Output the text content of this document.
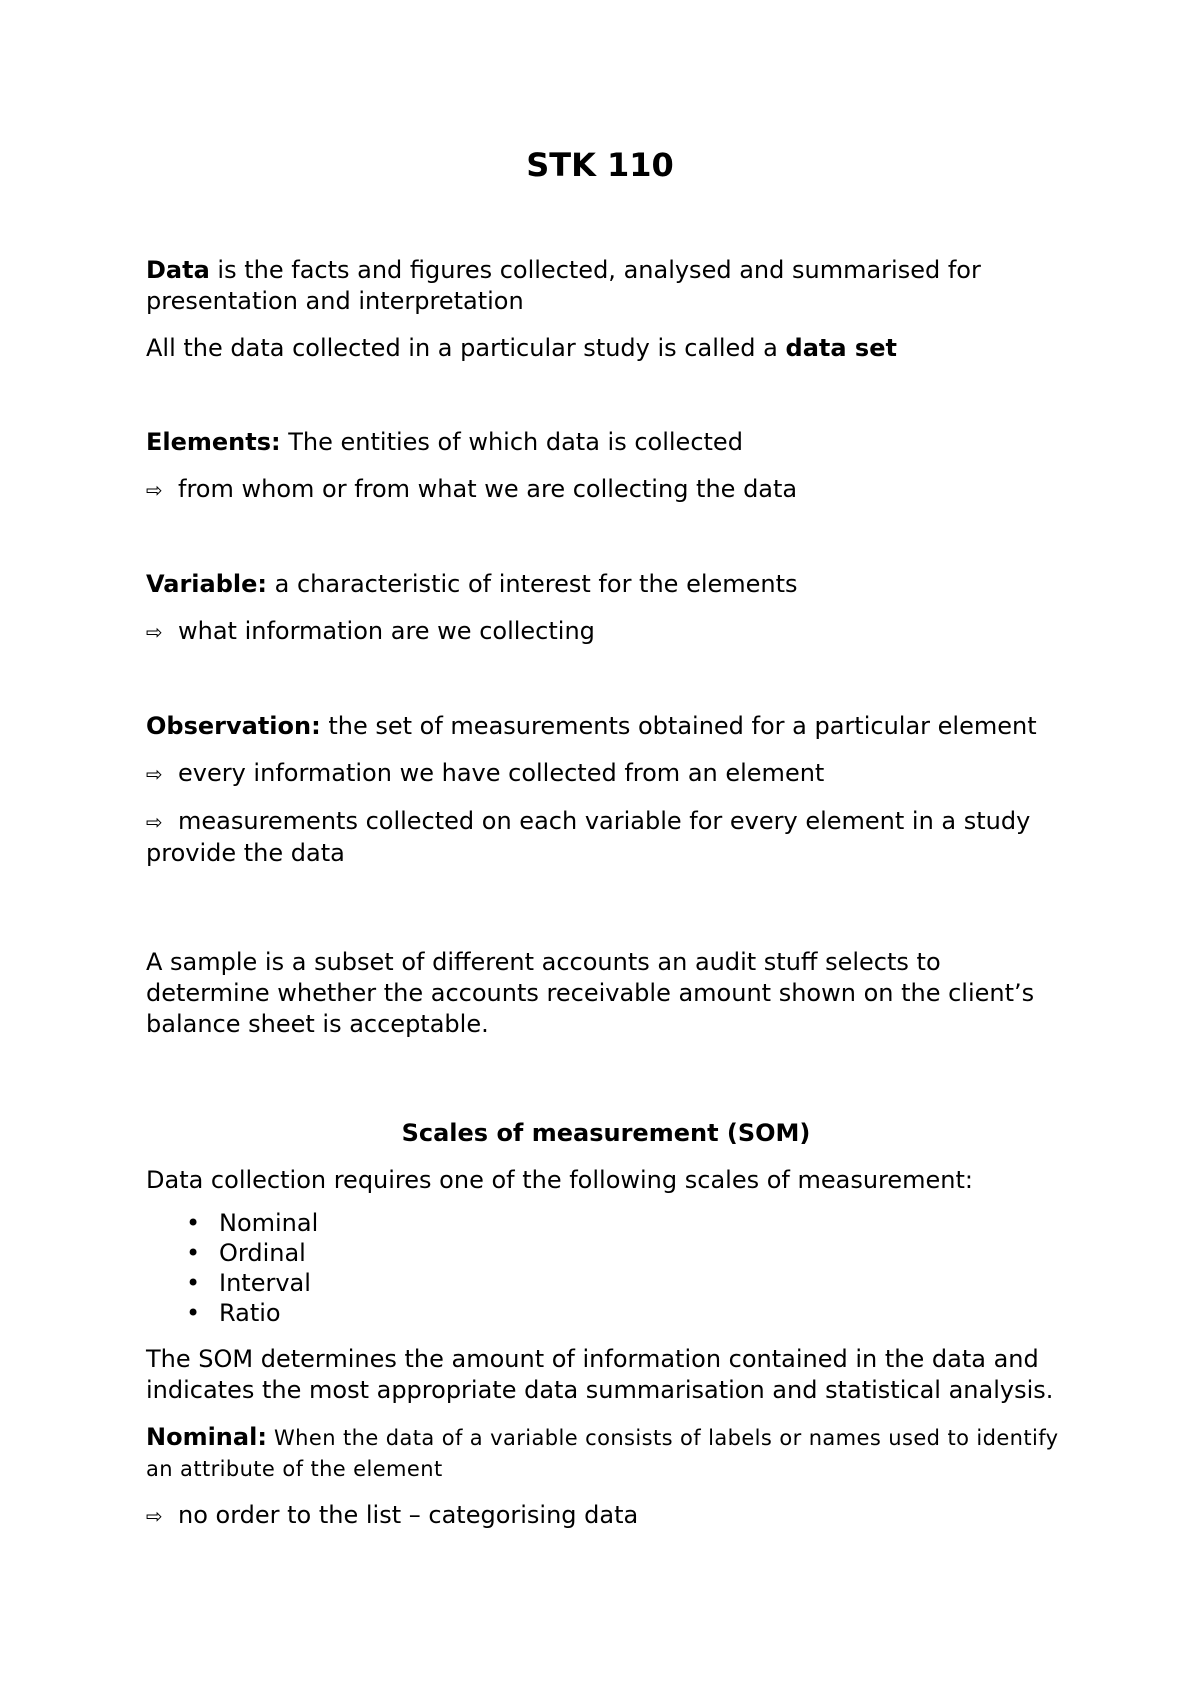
STK 110

Data is the facts and figures collected, analysed and summarised for presentation and interpretation

All the data collected in a particular study is called a data set

Elements: The entities of which data is collected

⇨ from whom or from what we are collecting the data

Variable: a characteristic of interest for the elements

⇨ what information are we collecting

Observation: the set of measurements obtained for a particular element

⇨ every information we have collected from an element

⇨ measurements collected on each variable for every element in a study provide the data

A sample is a subset of different accounts an audit stuff selects to determine whether the accounts receivable amount shown on the client’s balance sheet is acceptable.

Scales of measurement (SOM)

Data collection requires one of the following scales of measurement:

• Nominal
• Ordinal
• Interval
• Ratio

The SOM determines the amount of information contained in the data and indicates the most appropriate data summarisation and statistical analysis.

Nominal: When the data of a variable consists of labels or names used to identify an attribute of the element

⇨ no order to the list – categorising data
